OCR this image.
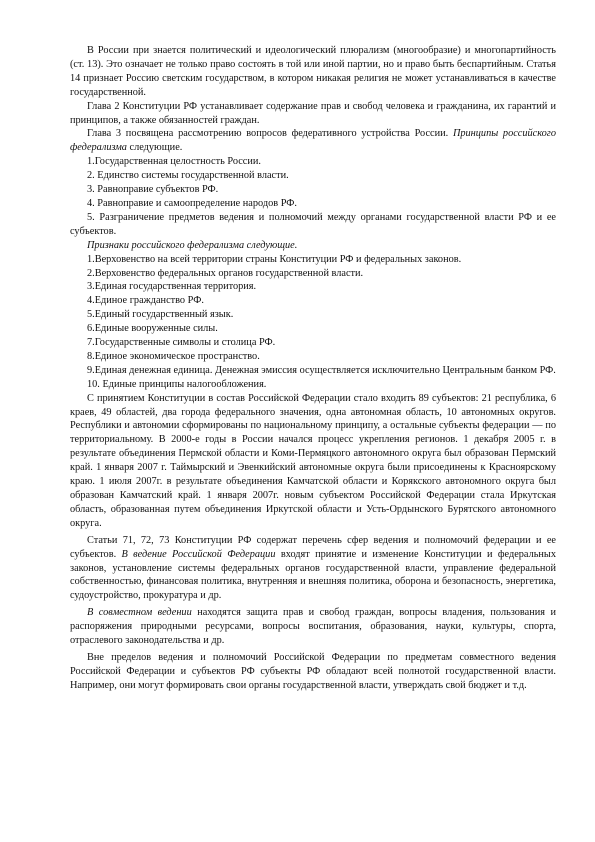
В России при знается политический и идеологический плюрализм (многообразие) и многопартийность (ст. 13). Это означает не только право состоять в той или иной партии, но и право быть беспартийным. Статья 14 признает Россию светским государством, в котором никакая религия не может устанавливаться в качестве государственной.

Глава 2 Конституции РФ устанавливает содержание прав и свобод человека и гражданина, их гарантий и принципов, а также обязанностей граждан.

Глава 3 посвящена рассмотрению вопросов федеративного устройства России. Принципы российского федерализма следующие.

1.Государственная целостность России.

2. Единство системы государственной власти.

3. Равноправие субъектов РФ.

4. Равноправие и самоопределение народов РФ.

5. Разграничение предметов ведения и полномочий между органами государственной власти РФ и ее субъектов.

Признаки российского федерализма следующие.

1.Верховенство на всей территории страны Конституции РФ и федеральных законов.

2.Верховенство федеральных органов государственной власти.

3.Единая государственная территория.

4.Единое гражданство РФ.

5.Единый государственный язык.

6.Единые вооруженные силы.

7.Государственные символы и столица РФ.

8.Единое экономическое пространство.

9.Единая денежная единица. Денежная эмиссия осуществляется исключительно Центральным банком РФ.

10. Единые принципы налогообложения.

С принятием Конституции в состав Российской Федерации стало входить 89 субъектов: 21 республика, 6 краев, 49 областей, два города федерального значения, одна автономная область, 10 автономных округов. Республики и автономии сформированы по национальному принципу, а остальные субъекты федерации — по территориальному. В 2000-е годы в России начался процесс укрепления регионов. 1 декабря 2005 г. в результате объединения Пермской области и Коми-Пермяцкого автономного округа был образован Пермский край. 1 января 2007 г. Таймырский и Эвенкийский автономные округа были присоединены к Красноярскому краю. 1 июля 2007г. в результате объединения Камчатской области и Корякского автономного округа был образован Камчатский край. 1 января 2007г. новым субъектом Российской Федерации стала Иркутская область, образованная путем объединения Иркутской области и Усть-Ордынского Бурятского автономного округа.

Статьи 71, 72, 73 Конституции РФ содержат перечень сфер ведения и полномочий федерации и ее субъектов. В ведение Российской Федерации входят принятие и изменение Конституции и федеральных законов, установление системы федеральных органов государственной власти, управление федеральной собственностью, финансовая политика, внутренняя и внешняя политика, оборона и безопасность, энергетика, судоустройство, прокуратура и др.

В совместном ведении находятся защита прав и свобод граждан, вопросы владения, пользования и распоряжения природными ресурсами, вопросы воспитания, образования, науки, культуры, спорта, отраслевого законодательства и др.

Вне пределов ведения и полномочий Российской Федерации по предметам совместного ведения Российской Федерации и субъектов РФ субъекты РФ обладают всей полнотой государственной власти. Например, они могут формировать свои органы государственной власти, утверждать свой бюджет и т.д.
